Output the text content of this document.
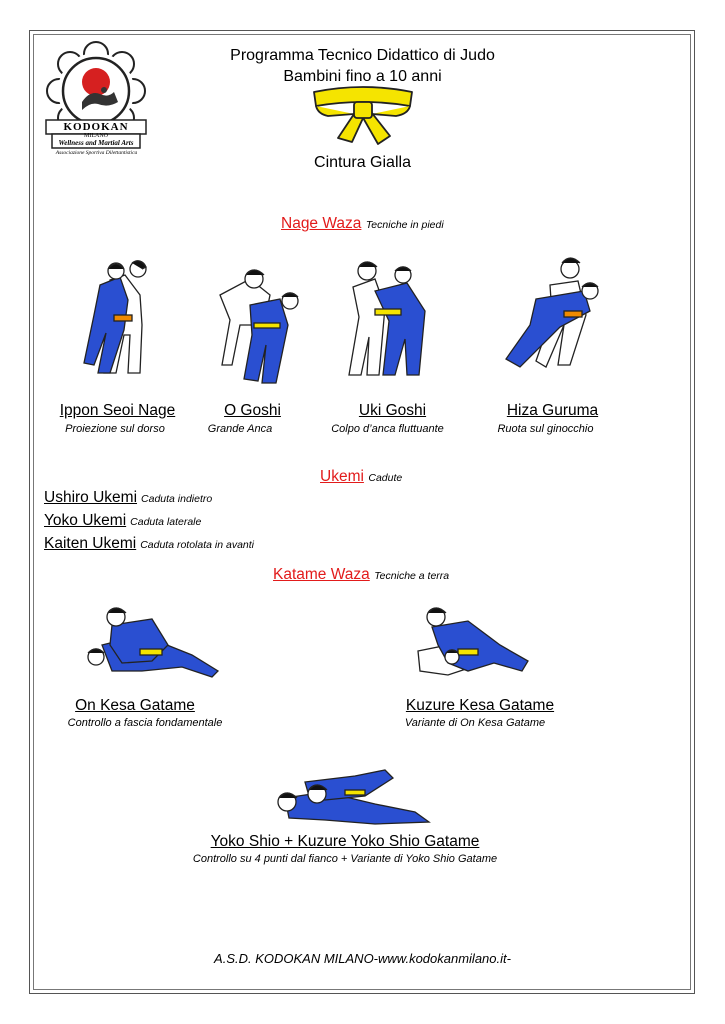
KODOKAN
MILANO
Wellness and Martial Arts
Associazione Sportiva Dilettantistica
Programma Tecnico Didattico di Judo
Bambini fino a 10 anni
Cintura Gialla
Nage Waza Tecniche in piedi
Ippon Seoi Nage
Proiezione sul dorso
O Goshi
Grande Anca
Uki Goshi
Colpo d’anca fluttuante
Hiza Guruma
Ruota sul ginocchio
Ukemi Cadute
Ushiro Ukemi Caduta indietro
Yoko Ukemi Caduta laterale
Kaiten Ukemi Caduta rotolata in avanti
Katame Waza Tecniche a terra
On Kesa Gatame
Controllo a fascia fondamentale
Kuzure Kesa Gatame
Variante di On Kesa Gatame
Yoko Shio + Kuzure Yoko Shio Gatame
Controllo su 4 punti dal fianco + Variante di Yoko Shio Gatame
A.S.D. KODOKAN MILANO-www.kodokanmilano.it-
